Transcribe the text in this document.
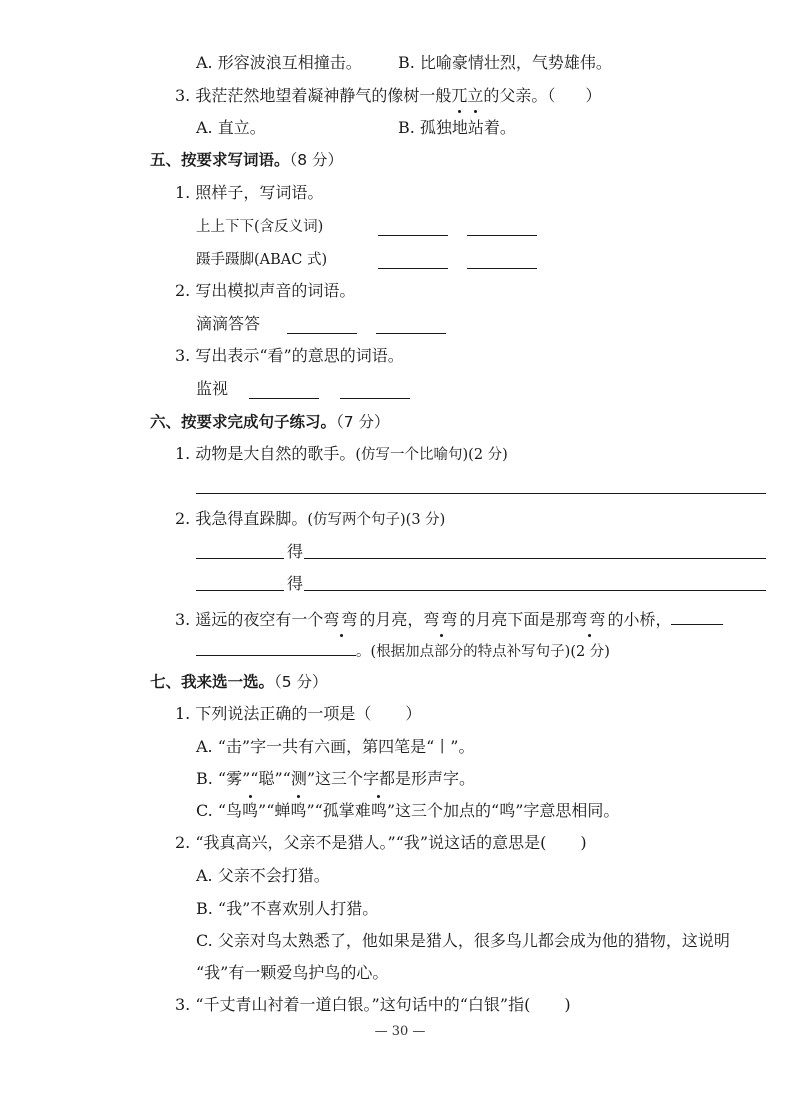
A. 形容波浪互相撞击。 B. 比喻豪情壮烈，气势雄伟。
3. 我茫茫然地望着凝神静气的像树一般兀立的父亲。（ ）
A. 直立。	B. 孤独地站着。
五、按要求写词语。（8 分）
1. 照样子，写词语。
上上下下(含反义词)
蹑手蹑脚(ABAC 式)
2. 写出模拟声音的词语。
滴滴答答
3. 写出表示“看”的意思的词语。
监视
六、按要求完成句子练习。（7 分）
1. 动物是大自然的歌手。(仿写一个比喻句)(2 分)
2. 我急得直跺脚。(仿写两个句子)(3 分)
得
得
3. 遥远的夜空有一个弯弯的月亮，弯弯的月亮下面是那弯弯的小桥，
。(根据加点部分的特点补写句子)(2 分)
七、我来选一选。（5 分）
1. 下列说法正确的一项是（ ）
A. “击”字一共有六画，第四笔是“丨”。
B. “雾”“聪”“测”这三个字都是形声字。
C. “鸟鸣”“蝉鸣”“孤掌难鸣”这三个加点的“鸣”字意思相同。
2. “我真高兴，父亲不是猎人。”“我”说这话的意思是( )
A. 父亲不会打猎。
B. “我”不喜欢别人打猎。
C. 父亲对鸟太熟悉了，他如果是猎人，很多鸟儿都会成为他的猎物，这说明
“我”有一颗爱鸟护鸟的心。
3. “千丈青山衬着一道白银。”这句话中的“白银”指( )
— 30 —
